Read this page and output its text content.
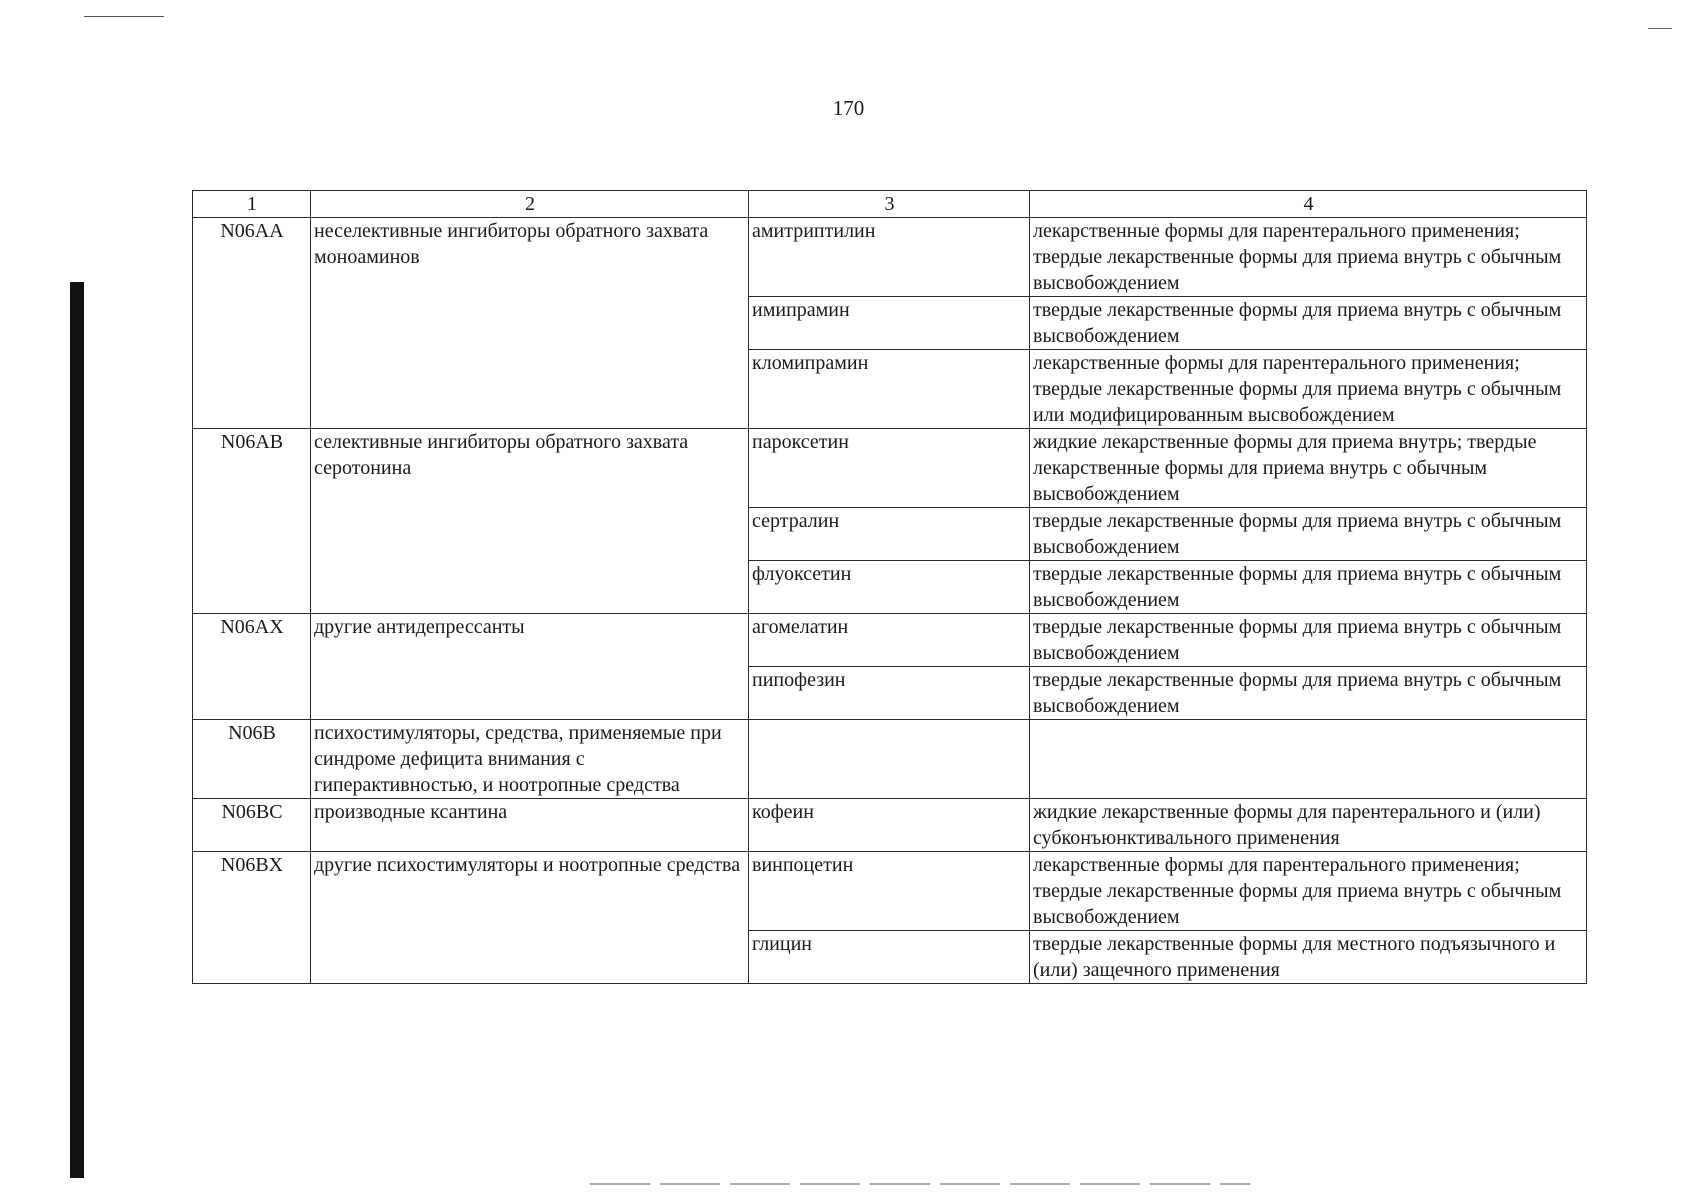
170
1	2	3	4
N06AA	неселективные ингибиторы обратного захвата моноаминов	амитриптилин	лекарственные формы для парентерального применения; твердые лекарственные формы для приема внутрь с обычным высвобождением
		имипрамин	твердые лекарственные формы для приема внутрь с обычным высвобождением
		кломипрамин	лекарственные формы для парентерального применения; твердые лекарственные формы для приема внутрь с обычным или модифицированным высвобождением
N06AB	селективные ингибиторы обратного захвата серотонина	пароксетин	жидкие лекарственные формы для приема внутрь; твердые лекарственные формы для приема внутрь с обычным высвобождением
		сертралин	твердые лекарственные формы для приема внутрь с обычным высвобождением
		флуоксетин	твердые лекарственные формы для приема внутрь с обычным высвобождением
N06AX	другие антидепрессанты	агомелатин	твердые лекарственные формы для приема внутрь с обычным высвобождением
		пипофезин	твердые лекарственные формы для приема внутрь с обычным высвобождением
N06B	психостимуляторы, средства, применяемые при синдроме дефицита внимания с гиперактивностью, и ноотропные средства		
N06BC	производные ксантина	кофеин	жидкие лекарственные формы для парентерального и (или) субконъюнктивального применения
N06BX	другие психостимуляторы и ноотропные средства	винпоцетин	лекарственные формы для парентерального применения; твердые лекарственные формы для приема внутрь с обычным высвобождением
		глицин	твердые лекарственные формы для местного подъязычного и (или) защечного применения
